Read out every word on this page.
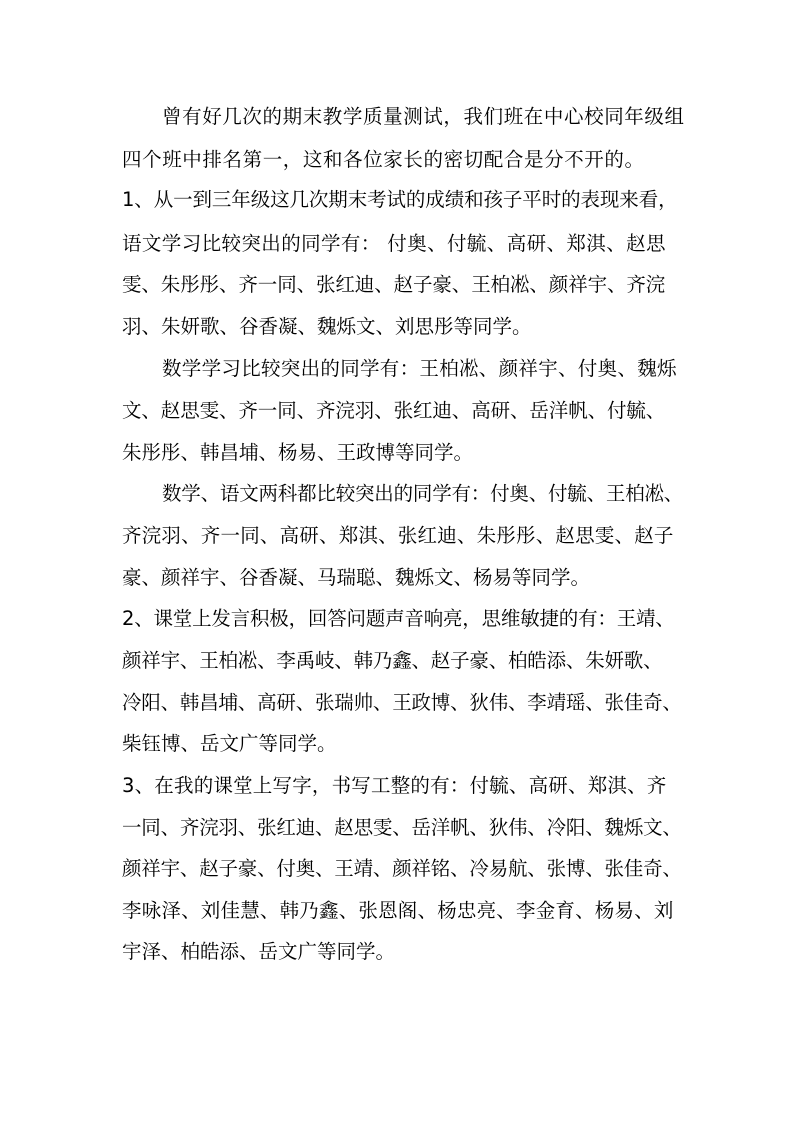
曾有好几次的期末教学质量测试，我们班在中心校同年级组
四个班中排名第一，这和各位家长的密切配合是分不开的。
1、从一到三年级这几次期末考试的成绩和孩子平时的表现来看，
语文学习比较突出的同学有： 付奥、付毓、高研、郑淇、赵思
雯、朱彤彤、齐一同、张红迪、赵子豪、王柏凇、颜祥宇、齐浣
羽、朱妍歌、谷香凝、魏烁文、刘思彤等同学。
数学学习比较突出的同学有：王柏凇、颜祥宇、付奥、魏烁
文、赵思雯、齐一同、齐浣羽、张红迪、高研、岳洋帆、付毓、
朱彤彤、韩昌埔、杨易、王政博等同学。
数学、语文两科都比较突出的同学有：付奥、付毓、王柏凇、
齐浣羽、齐一同、高研、郑淇、张红迪、朱彤彤、赵思雯、赵子
豪、颜祥宇、谷香凝、马瑞聪、魏烁文、杨易等同学。
2、课堂上发言积极，回答问题声音响亮，思维敏捷的有：王靖、
颜祥宇、王柏凇、李禹岐、韩乃鑫、赵子豪、柏皓添、朱妍歌、
冷阳、韩昌埔、高研、张瑞帅、王政博、狄伟、李靖瑶、张佳奇、
柴钰博、岳文广等同学。
3、在我的课堂上写字，书写工整的有：付毓、高研、郑淇、齐
一同、齐浣羽、张红迪、赵思雯、岳洋帆、狄伟、冷阳、魏烁文、
颜祥宇、赵子豪、付奥、王靖、颜祥铭、冷易航、张博、张佳奇、
李咏泽、刘佳慧、韩乃鑫、张恩阁、杨忠亮、李金育、杨易、刘
宇泽、柏皓添、岳文广等同学。
